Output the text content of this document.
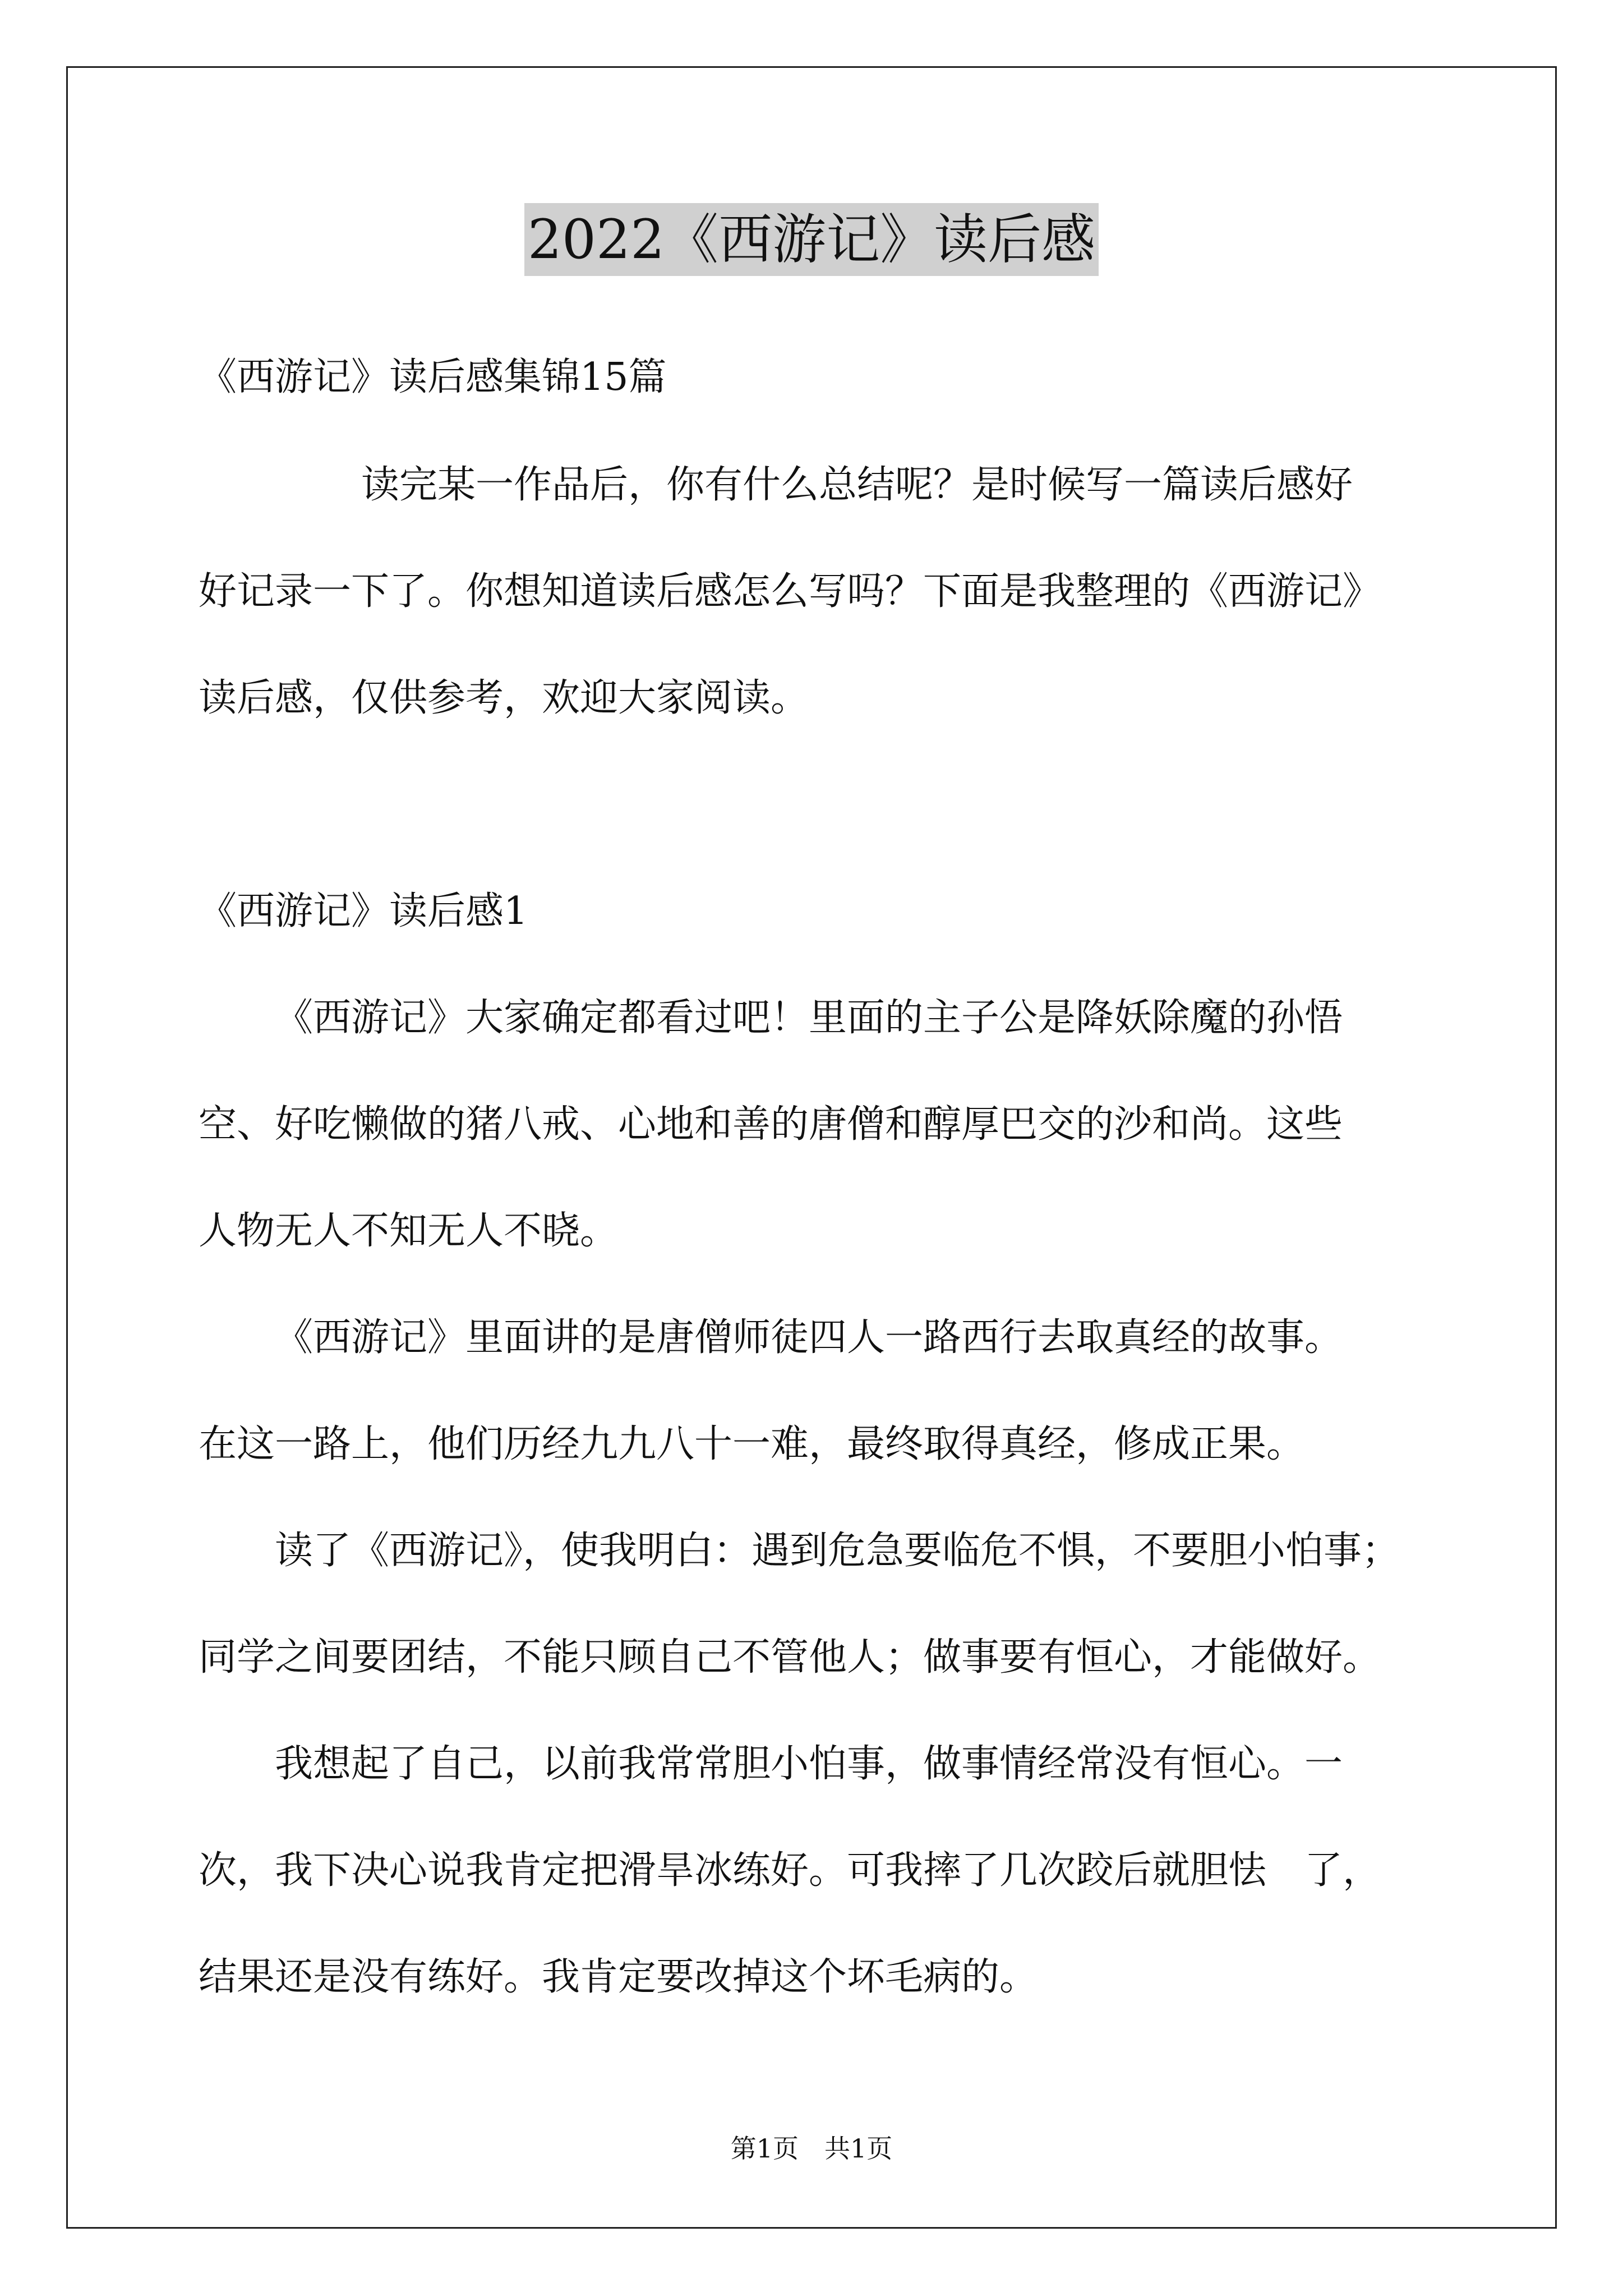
2022《西游记》读后感
《西游记》读后感集锦15篇
读完某一作品后，你有什么总结呢？是时候写一篇读后感好
好记录一下了。你想知道读后感怎么写吗？下面是我整理的《西游记》
读后感，仅供参考，欢迎大家阅读。
《西游记》读后感1
《西游记》大家确定都看过吧！里面的主子公是降妖除魔的孙悟
空、好吃懒做的猪八戒、心地和善的唐僧和醇厚巴交的沙和尚。这些
人物无人不知无人不晓。
《西游记》里面讲的是唐僧师徒四人一路西行去取真经的故事。
在这一路上，他们历经九九八十一难，最终取得真经，修成正果。
读了《西游记》，使我明白：遇到危急要临危不惧，不要胆小怕事；
同学之间要团结，不能只顾自己不管他人；做事要有恒心，才能做好。
我想起了自己，以前我常常胆小怕事，做事情经常没有恒心。一
次，我下决心说我肯定把滑旱冰练好。可我摔了几次跤后就胆怯　了，
结果还是没有练好。我肯定要改掉这个坏毛病的。
第1页　共1页
